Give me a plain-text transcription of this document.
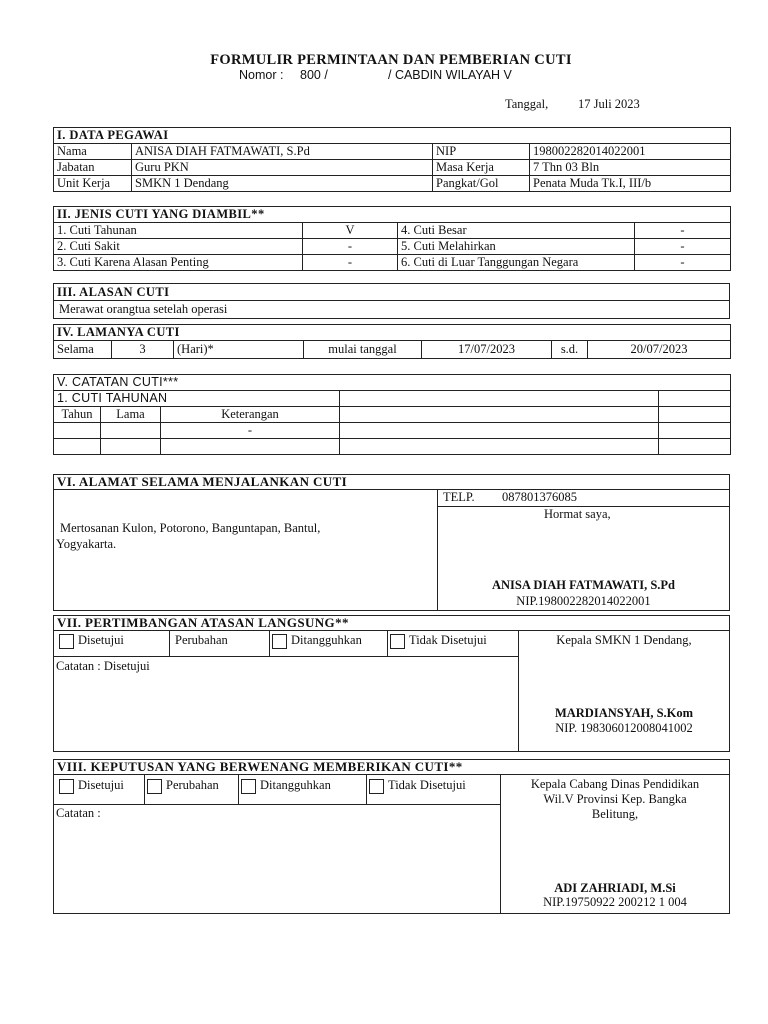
FORMULIR PERMINTAAN DAN PEMBERIAN CUTI
Nomor : 800 /	/ CABDIN WILAYAH V
Tanggal, 17 Juli 2023
I. DATA PEGAWAI			
Nama	ANISA DIAH FATMAWATI, S.Pd	NIP	198002282014022001
Jabatan	Guru PKN	Masa Kerja	7 Thn 03 Bln
Unit Kerja	SMKN 1 Dendang	Pangkat/Gol	Penata Muda Tk.I, III/b
II. JENIS CUTI YANG DIAMBIL**			
1. Cuti Tahunan	V	4. Cuti Besar	-
2. Cuti Sakit	-	5. Cuti Melahirkan	-
3. Cuti Karena Alasan Penting	-	6. Cuti di Luar Tanggungan Negara	-
III. ALASAN CUTI
Merawat orangtua setelah operasi
IV. LAMANYA CUTI
Selama	3	(Hari)*	mulai tanggal	17/07/2023	s.d.	20/07/2023
V. CATATAN CUTI***				
1. CUTI TAHUNAN				
Tahun	Lama	Keterangan		
		-		

VI. ALAMAT SELAMA MENJALANKAN CUTI
TELP. 087801376085
Mertosanan Kulon, Potorono, Banguntapan, Bantul,
Yogyakarta.
Hormat saya,
ANISA DIAH FATMAWATI, S.Pd
NIP.198002282014022001
VII. PERTIMBANGAN ATASAN LANGSUNG**
Disetujui	Perubahan	Ditangguhkan	Tidak Disetujui
Catatan : Disetujui
Kepala SMKN 1 Dendang,
MARDIANSYAH, S.Kom
NIP. 198306012008041002
VIII. KEPUTUSAN YANG BERWENANG MEMBERIKAN CUTI**
Disetujui	Perubahan	Ditangguhkan	Tidak Disetujui
Catatan :
Kepala Cabang Dinas Pendidikan
Wil.V Provinsi Kep. Bangka
Belitung,
ADI ZAHRIADI, M.Si
NIP.19750922 200212 1 004
